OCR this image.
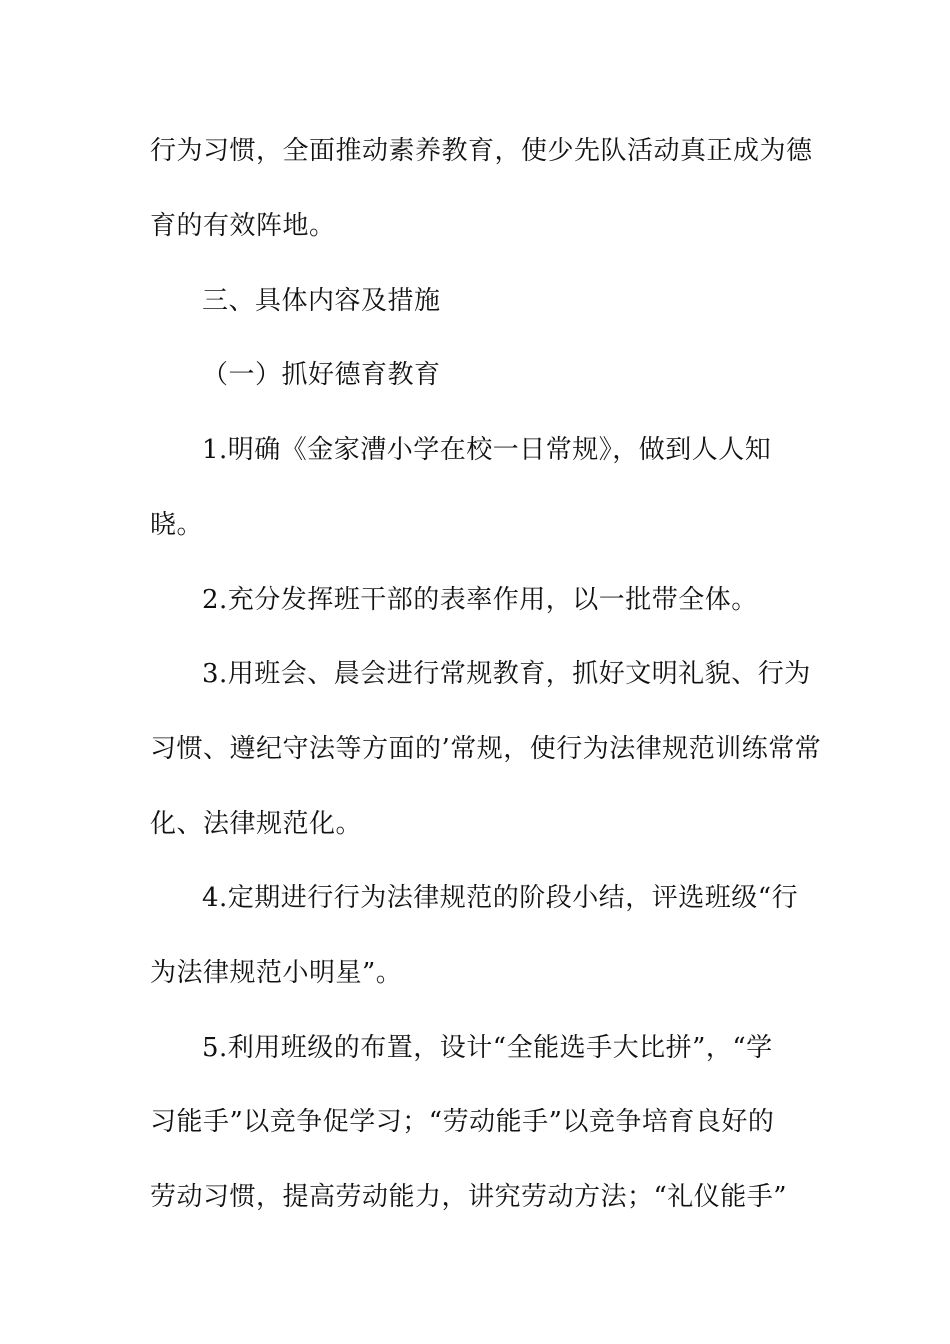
行为习惯，全面推动素养教育，使少先队活动真正成为德

育的有效阵地。

三、具体内容及措施

（一）抓好德育教育

1.明确《金家漕小学在校一日常规》，做到人人知

晓。

2.充分发挥班干部的表率作用，以一批带全体。

3.用班会、晨会进行常规教育，抓好文明礼貌、行为

习惯、遵纪守法等方面的’常规，使行为法律规范训练常常

化、法律规范化。

4.定期进行行为法律规范的阶段小结，评选班级“行

为法律规范小明星”。

5.利用班级的布置，设计“全能选手大比拼”，“学

习能手”以竞争促学习；“劳动能手”以竞争培育良好的

劳动习惯，提高劳动能力，讲究劳动方法；“礼仪能手”
